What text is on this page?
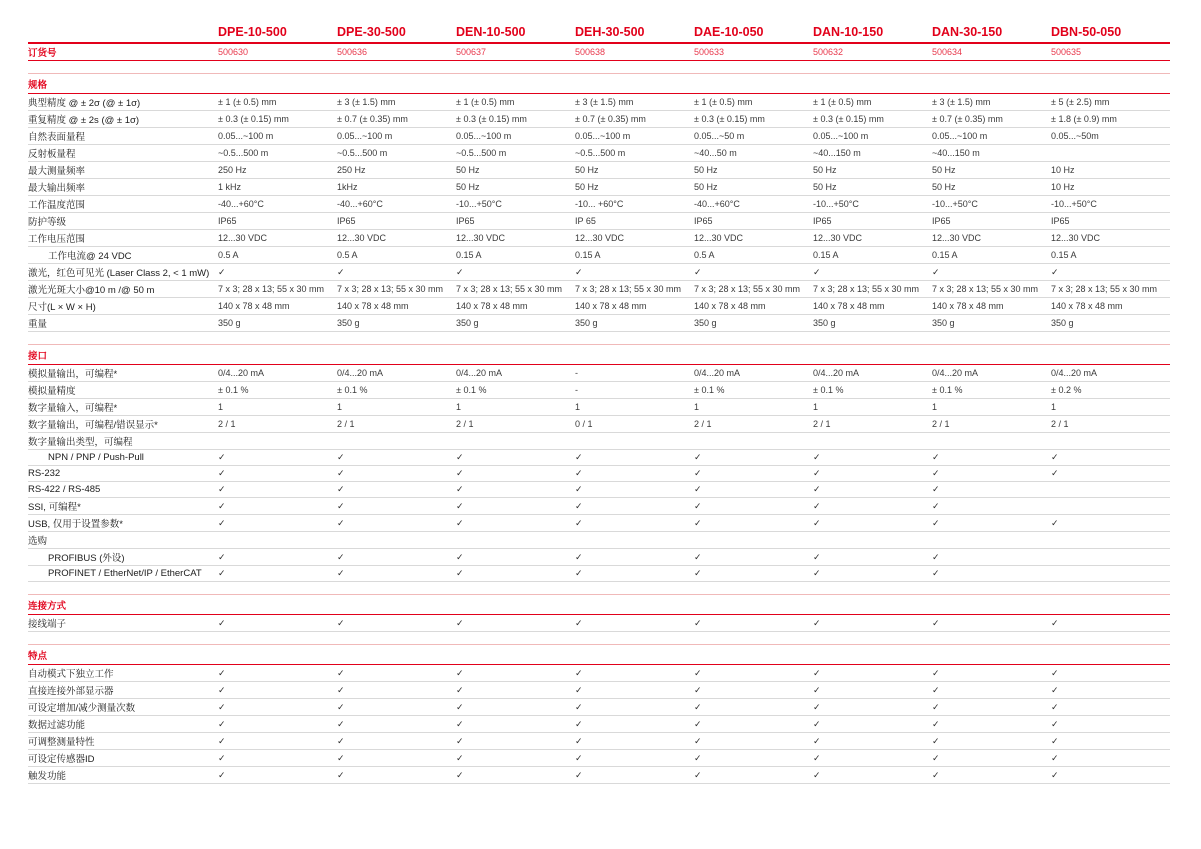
DPE-10-500	DPE-30-500	DEN-10-500	DEH-30-500	DAE-10-050	DAN-10-150	DAN-30-150	DBN-50-050
订货号	500630	500636	500637	500638	500633	500632	500634	500635
规格
典型精度 @ ± 2σ (@ ± 1σ)	± 1 (± 0.5) mm	± 3 (± 1.5) mm	± 1 (± 0.5) mm	± 3 (± 1.5) mm	± 1 (± 0.5) mm	± 1 (± 0.5) mm	± 3 (± 1.5) mm	± 5 (± 2.5) mm
重复精度 @ ± 2s (@ ± 1σ)	± 0.3 (± 0.15) mm	± 0.7 (± 0.35) mm	± 0.3 (± 0.15) mm	± 0.7 (± 0.35) mm	± 0.3 (± 0.15) mm	± 0.3 (± 0.15) mm	± 0.7 (± 0.35) mm	± 1.8 (± 0.9) mm
自然表面量程	0.05...~100 m	0.05...~100 m	0.05...~100 m	0.05...~100 m	0.05...~50 m	0.05...~100 m	0.05...~100 m	0.05...~50m
反射板量程	~0.5...500 m	~0.5...500 m	~0.5...500 m	~0.5...500 m	~40...50 m	~40...150 m	~40...150 m
最大测量频率	250 Hz	250 Hz	50 Hz	50 Hz	50 Hz	50 Hz	50 Hz	10 Hz
最大输出频率	1 kHz	1kHz	50 Hz	50 Hz	50 Hz	50 Hz	50 Hz	10 Hz
工作温度范围	-40...+60°C	-40...+60°C	-10...+50°C	-10... +60°C	-40...+60°C	-10...+50°C	-10...+50°C	-10...+50°C
防护等级	IP65	IP65	IP65	IP 65	IP65	IP65	IP65	IP65
工作电压范围	12...30 VDC	12...30 VDC	12...30 VDC	12...30 VDC	12...30 VDC	12...30 VDC	12...30 VDC	12...30 VDC
工作电流@ 24 VDC	0.5 A	0.5 A	0.15 A	0.15 A	0.5 A	0.15 A	0.15 A	0.15 A
激光，红色可见光 (Laser Class 2, < 1 mW) ✓	✓	✓	✓	✓	✓	✓	✓
激光光斑大小@10 m /@ 50 m	7 x 3; 28 x 13; 55 x 30 mm	7 x 3; 28 x 13; 55 x 30 mm	7 x 3; 28 x 13; 55 x 30 mm	7 x 3; 28 x 13; 55 x 30 mm	7 x 3; 28 x 13; 55 x 30 mm	7 x 3; 28 x 13; 55 x 30 mm	7 x 3; 28 x 13; 55 x 30 mm	7 x 3; 28 x 13; 55 x 30 mm
尺寸(L × W × H)	140 x 78 x 48 mm	140 x 78 x 48 mm	140 x 78 x 48 mm	140 x 78 x 48 mm	140 x 78 x 48 mm	140 x 78 x 48 mm	140 x 78 x 48 mm	140 x 78 x 48 mm
重量	350 g	350 g	350 g	350 g	350 g	350 g	350 g	350 g
接口
模拟量输出，可编程*	0/4...20 mA	0/4...20 mA	0/4...20 mA	-	0/4...20 mA	0/4...20 mA	0/4...20 mA	0/4...20 mA
模拟量精度	± 0.1 %	± 0.1 %	± 0.1 %	-	± 0.1 %	± 0.1 %	± 0.1 %	± 0.2 %
数字量输入，可编程*	1	1	1	1	1	1	1	1
数字量输出，可编程/错误显示*	2 / 1	2 / 1	2 / 1	0 / 1	2 / 1	2 / 1	2 / 1	2 / 1
数字量输出类型，可编程
NPN / PNP / Push-Pull	✓	✓	✓	✓	✓	✓	✓	✓
RS-232	✓	✓	✓	✓	✓	✓	✓	✓
RS-422 / RS-485	✓	✓	✓	✓	✓	✓	✓
SSI, 可编程*	✓	✓	✓	✓	✓	✓	✓
USB, 仅用于设置参数*	✓	✓	✓	✓	✓	✓	✓	✓
选购
PROFIBUS (外设)	✓	✓	✓	✓	✓	✓	✓
PROFINET / EtherNet/IP / EtherCAT	✓	✓	✓	✓	✓	✓	✓
连接方式
接线端子	✓	✓	✓	✓	✓	✓	✓	✓
特点
自动模式下独立工作	✓	✓	✓	✓	✓	✓	✓	✓
直接连接外部显示器	✓	✓	✓	✓	✓	✓	✓	✓
可设定增加/减少测量次数	✓	✓	✓	✓	✓	✓	✓	✓
数据过滤功能	✓	✓	✓	✓	✓	✓	✓	✓
可调整测量特性	✓	✓	✓	✓	✓	✓	✓	✓
可设定传感器ID	✓	✓	✓	✓	✓	✓	✓	✓
触发功能	✓	✓	✓	✓	✓	✓	✓	✓
